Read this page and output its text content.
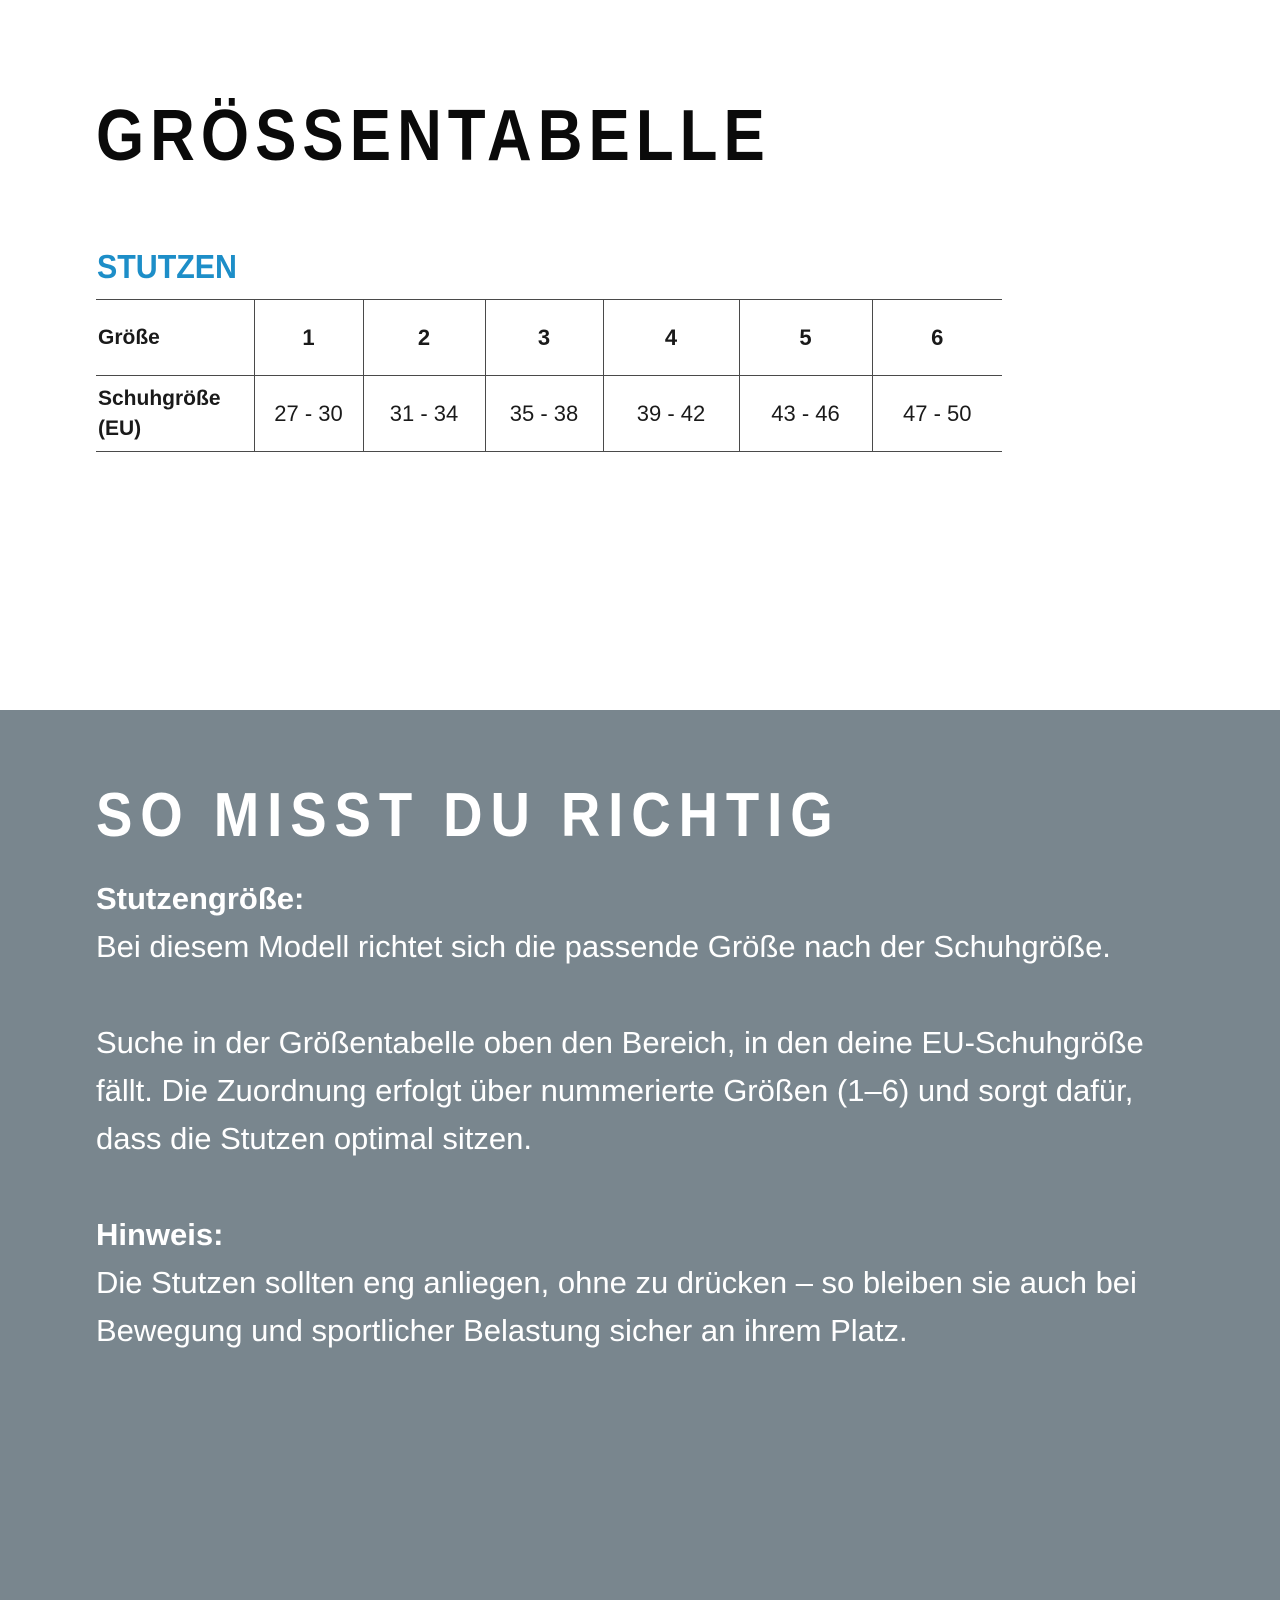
GRÖSSENTABELLE
STUTZEN
Größe	1	2	3	4	5	6
Schuhgröße
(EU)	27 - 30	31 - 34	35 - 38	39 - 42	43 - 46	47 - 50
SO MISST DU RICHTIG

Stutzengröße:
Bei diesem Modell richtet sich die passende Größe nach der Schuhgröße.

Suche in der Größentabelle oben den Bereich, in den deine EU-Schuhgröße fällt. Die Zuordnung erfolgt über nummerierte Größen (1–6) und sorgt dafür, dass die Stutzen optimal sitzen.

Hinweis:
Die Stutzen sollten eng anliegen, ohne zu drücken – so bleiben sie auch bei Bewegung und sportlicher Belastung sicher an ihrem Platz.
